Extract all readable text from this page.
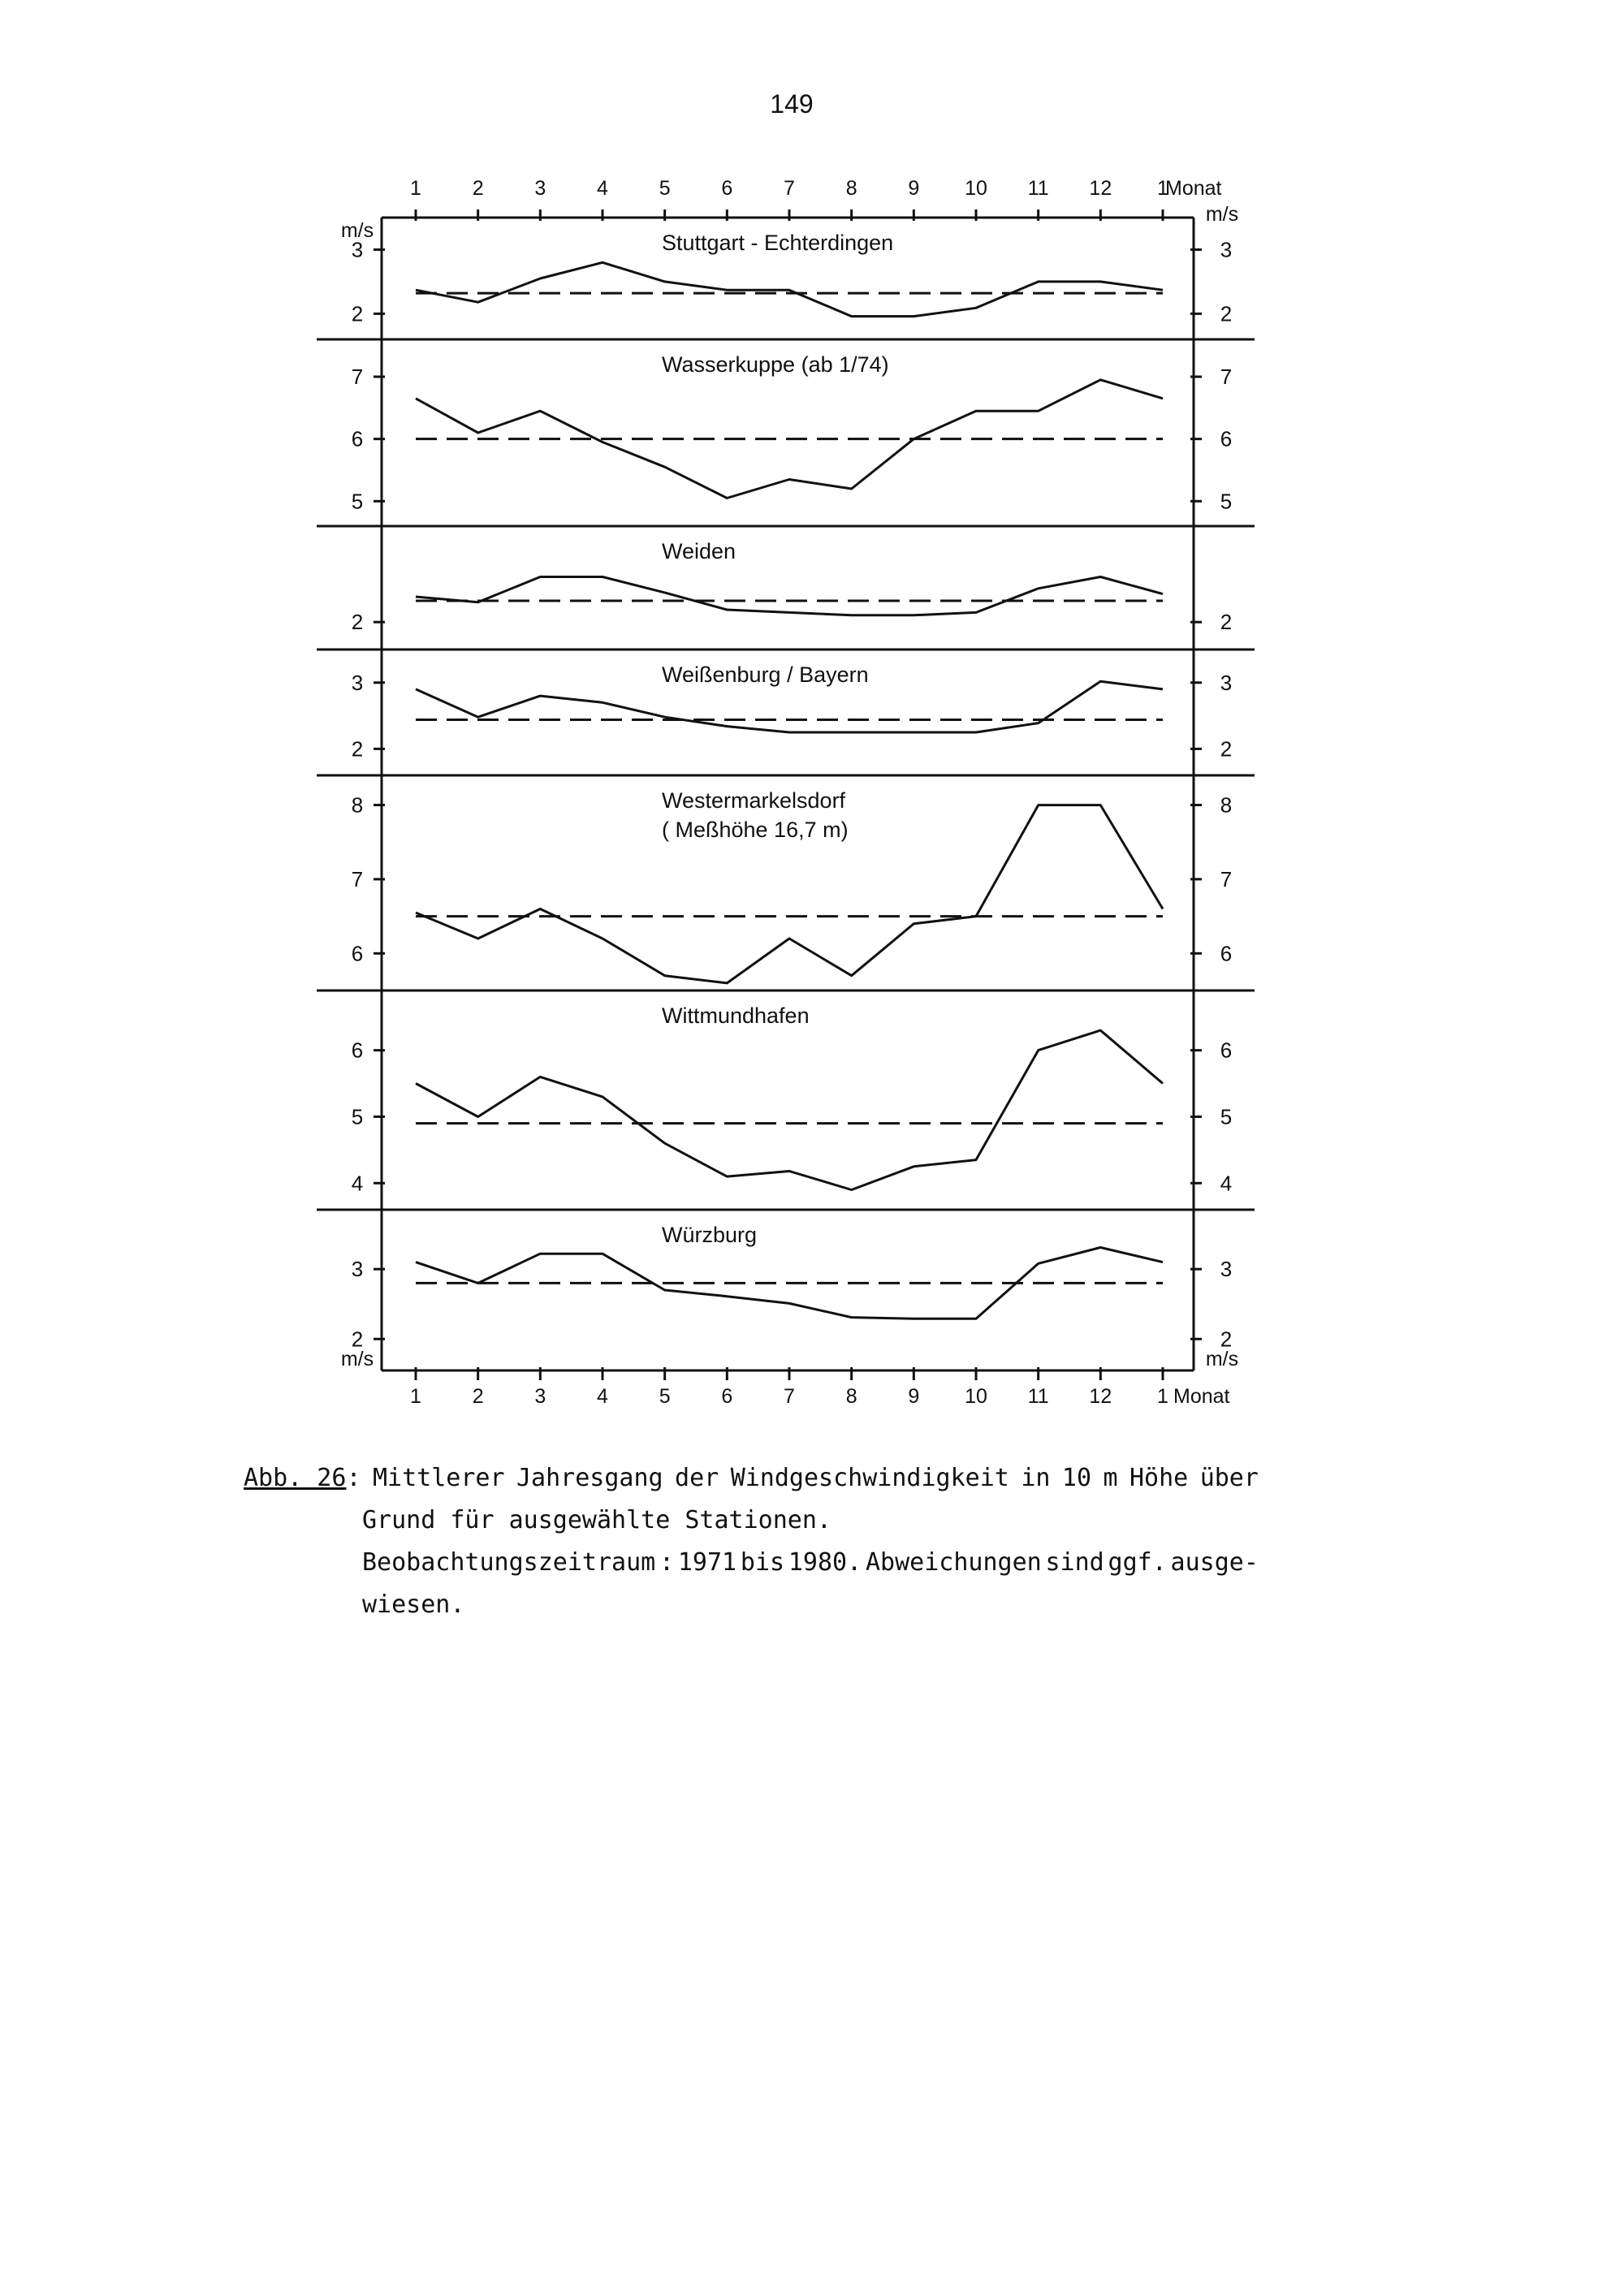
149
1
1
2
2
3
3
4
4
5
5
6
6
7
7
8
8
9
9
10
10
11
11
12
12
1
1
Monat
Monat
m/s
m/s
m/s	m/s
Stuttgart - Echterdingen
2	2
3	3
Wasserkuppe (ab 1/74)
5	5
6	6
7	7
Weiden
2	2
Weißenburg / Bayern
2	2
3	3
Westermarkelsdorf
( Meßhöhe 16,7 m)
6	6
7	7
8	8
Wittmundhafen
4	4
5	5
6	6
Würzburg
2	2
3	3
Abb. 26: Mittlerer Jahresgang der Windgeschwindigkeit in 10 m Höhe über
Grund für ausgewählte Stationen.
Beobachtungszeitraum : 1971 bis 1980. Abweichungen sind ggf. ausge-
wiesen.
